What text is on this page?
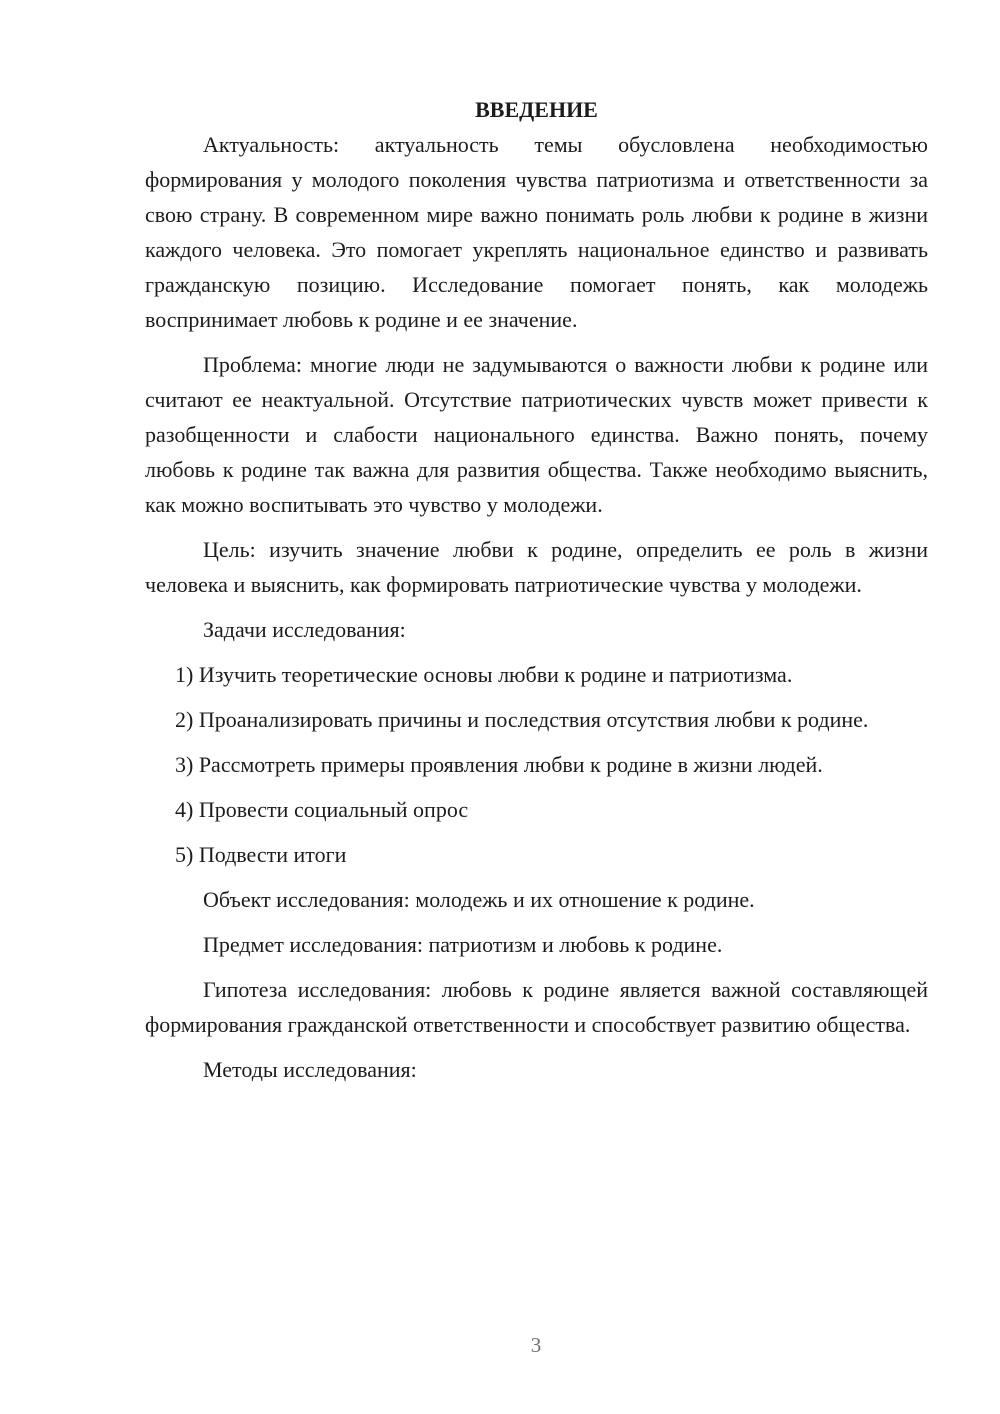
ВВЕДЕНИЕ

Актуальность: актуальность темы обусловлена необходимостью формирования у молодого поколения чувства патриотизма и ответственности за свою страну. В современном мире важно понимать роль любви к родине в жизни каждого человека. Это помогает укреплять национальное единство и развивать гражданскую позицию. Исследование помогает понять, как молодежь воспринимает любовь к родине и ее значение.

Проблема: многие люди не задумываются о важности любви к родине или считают ее неактуальной. Отсутствие патриотических чувств может привести к разобщенности и слабости национального единства. Важно понять, почему любовь к родине так важна для развития общества. Также необходимо выяснить, как можно воспитывать это чувство у молодежи.

Цель: изучить значение любви к родине, определить ее роль в жизни человека и выяснить, как формировать патриотические чувства у молодежи.

Задачи исследования:

1) Изучить теоретические основы любви к родине и патриотизма.

2) Проанализировать причины и последствия отсутствия любви к родине.

3) Рассмотреть примеры проявления любви к родине в жизни людей.

4) Провести социальный опрос

5) Подвести итоги

Объект исследования: молодежь и их отношение к родине.

Предмет исследования: патриотизм и любовь к родине.

Гипотеза исследования: любовь к родине является важной составляющей формирования гражданской ответственности и способствует развитию общества.

Методы исследования:

3
